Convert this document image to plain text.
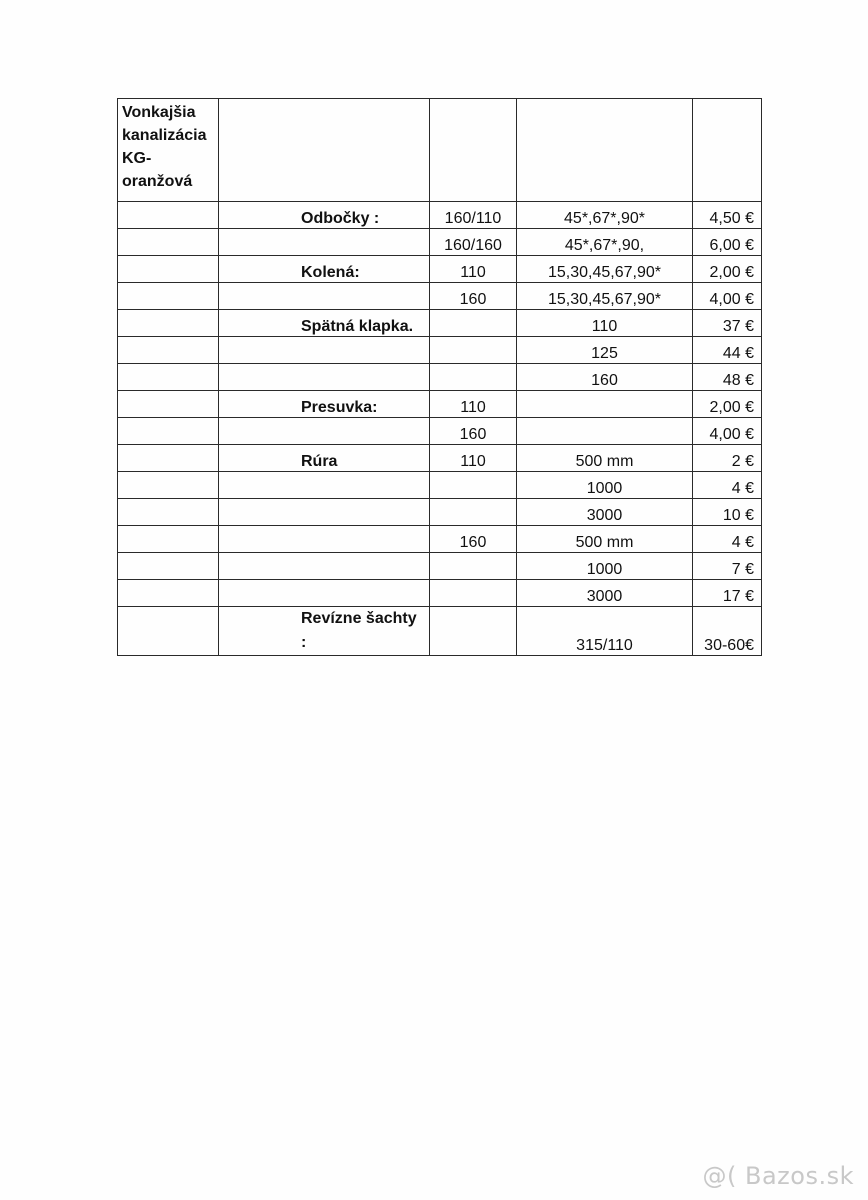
Vonkajšia kanalizácia KG- oranžová				
	Odbočky :	160/110	45*,67*,90*	4,50 €
		160/160	45*,67*,90,	6,00 €
	Kolená:	110	15,30,45,67,90*	2,00 €
		160	15,30,45,67,90*	4,00 €
	Spätná klapka.		110	37 €
			125	44 €
			160	48 €
	Presuvka:	110		2,00 €
		160		4,00 €
	Rúra	110	500 mm	2 €
			1000	4 €
			3000	10 €
		160	500 mm	4 €
			1000	7 €
			3000	17 €
	Revízne šachty :		315/110	30-60€
@( Bazos.sk
